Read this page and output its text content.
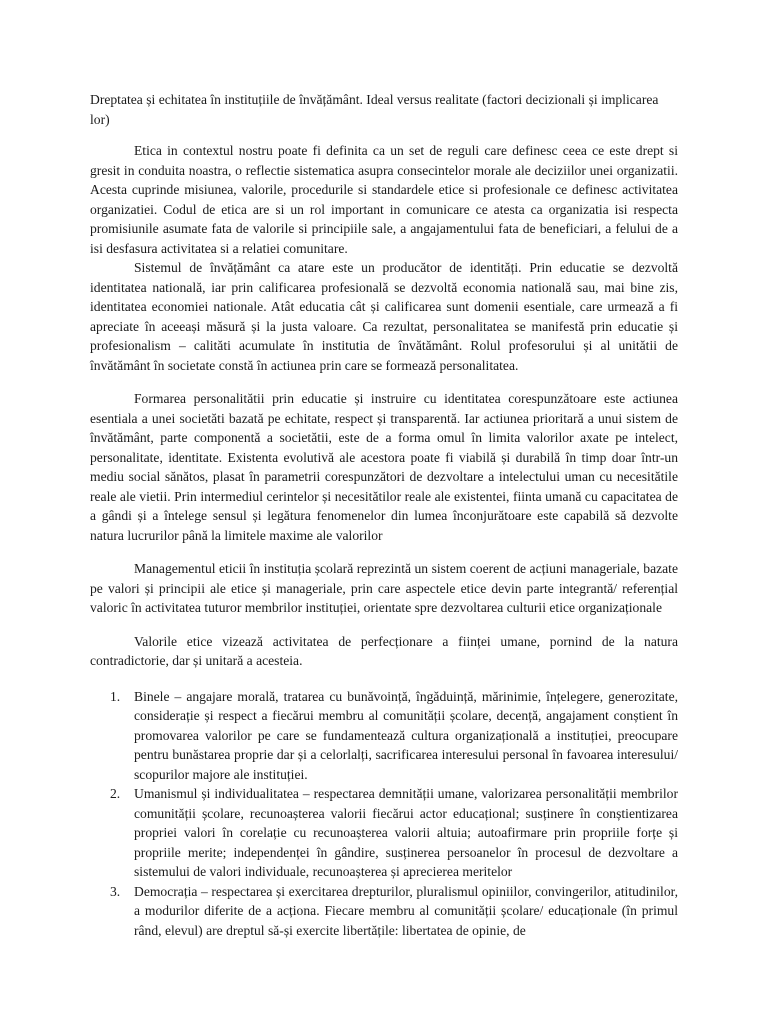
Dreptatea și echitatea în instituțiile de învățământ. Ideal versus realitate (factori decizionali și implicarea lor)

Etica in contextul nostru poate fi definita ca un set de reguli care definesc ceea ce este drept si gresit in conduita noastra, o reflectie sistematica asupra consecintelor morale ale deciziilor unei organizatii. Acesta cuprinde misiunea, valorile, procedurile si standardele etice si profesionale ce definesc activitatea organizatiei. Codul de etica are si un rol important in comunicare ce atesta ca organizatia isi respecta promisiunile asumate fata de valorile si principiile sale, a angajamentului fata de beneficiari, a felului de a isi desfasura activitatea si a relatiei comunitare.

Sistemul de învățământ ca atare este un producător de identități. Prin educatie se dezvoltă identitatea natională, iar prin calificarea profesională se dezvoltă economia natională sau, mai bine zis, identitatea economiei nationale. Atât educatia cât și calificarea sunt domenii esentiale, care urmează a fi apreciate în aceeași măsură și la justa valoare. Ca rezultat, personalitatea se manifestă prin educatie și profesionalism – calităti acumulate în institutia de învătământ. Rolul profesorului și al unitătii de învătământ în societate constă în actiunea prin care se formează personalitatea.

Formarea personalitătii prin educatie și instruire cu identitatea corespunzătoare este actiunea esentiala a unei societăti bazată pe echitate, respect și transparentă. Iar actiunea prioritară a unui sistem de învătământ, parte componentă a societătii, este de a forma omul în limita valorilor axate pe intelect, personalitate, identitate. Existenta evolutivă ale acestora poate fi viabilă și durabilă în timp doar într-un mediu social sănătos, plasat în parametrii corespunzători de dezvoltare a intelectului uman cu necesitătile reale ale vietii. Prin intermediul cerintelor și necesitătilor reale ale existentei, fiinta umană cu capacitatea de a gândi și a întelege sensul și legătura fenomenelor din lumea înconjurătoare este capabilă să dezvolte natura lucrurilor până la limitele maxime ale valorilor

Managementul eticii în instituția școlară reprezintă un sistem coerent de acțiuni manageriale, bazate pe valori și principii ale etice și manageriale, prin care aspectele etice devin parte integrantă/ referențial valoric în activitatea tuturor membrilor instituției, orientate spre dezvoltarea culturii etice organizaționale

Valorile etice vizează activitatea de perfecționare a ființei umane, pornind de la natura contradictorie, dar și unitară a acesteia.

1. Binele – angajare morală, tratarea cu bunăvoință, îngăduință, mărinimie, înțelegere, generozitate, considerație și respect a fiecărui membru al comunității școlare, decență, angajament conștient în promovarea valorilor pe care se fundamentează cultura organizațională a instituției, preocupare pentru bunăstarea proprie dar și a celorlalți, sacrificarea interesului personal în favoarea interesului/ scopurilor majore ale instituției.
2. Umanismul și individualitatea – respectarea demnității umane, valorizarea personalității membrilor comunității școlare, recunoașterea valorii fiecărui actor educațional; susținere în conștientizarea propriei valori în corelație cu recunoașterea valorii altuia; autoafirmare prin propriile forțe și propriile merite; independenței în gândire, susținerea persoanelor în procesul de dezvoltare a sistemului de valori individuale, recunoașterea și aprecierea meritelor
3. Democrația – respectarea și exercitarea drepturilor, pluralismul opiniilor, convingerilor, atitudinilor, a modurilor diferite de a acționa. Fiecare membru al comunității școlare/ educaționale (în primul rând, elevul) are dreptul să-și exercite libertățile: libertatea de opinie, de
